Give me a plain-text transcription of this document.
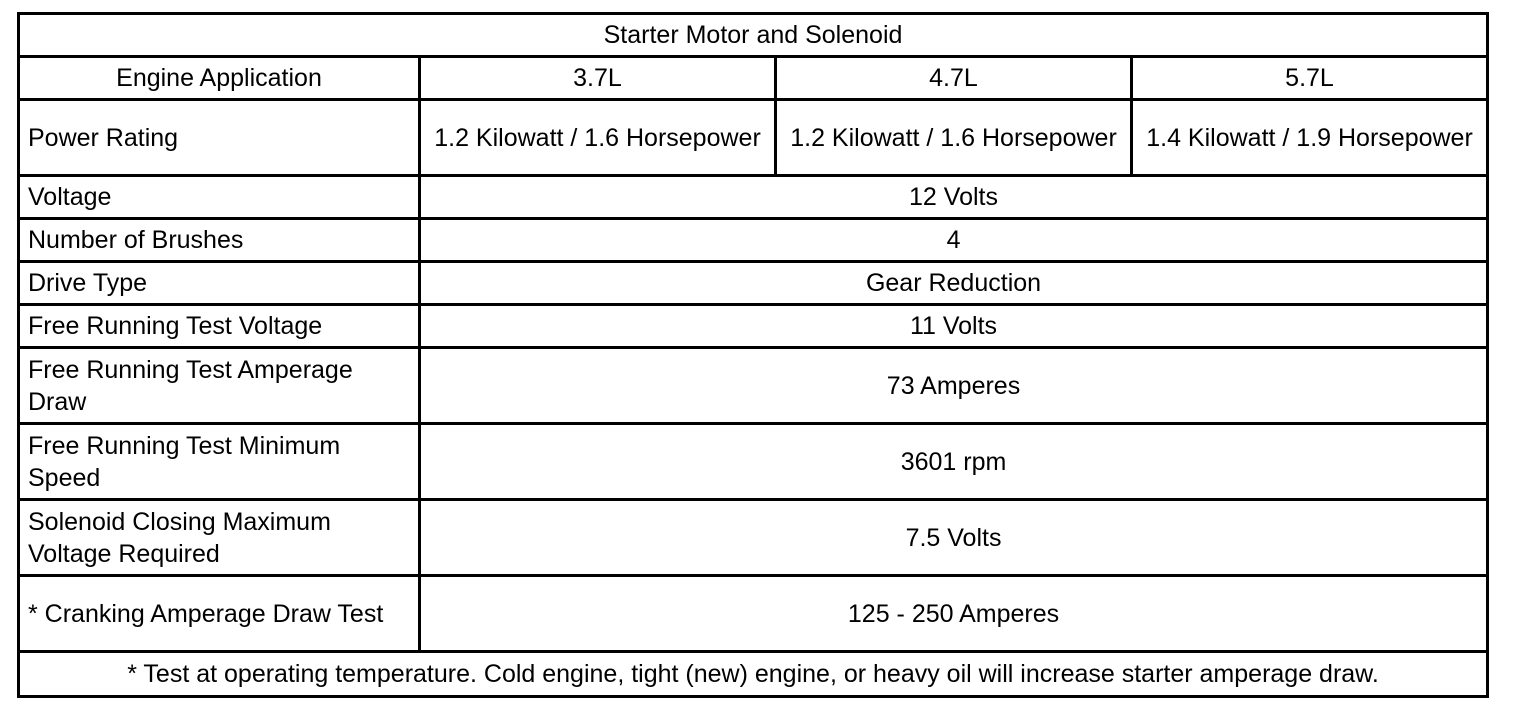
Starter Motor and Solenoid			
Engine Application	3.7L	4.7L	5.7L
Power Rating	1.2 Kilowatt / 1.6 Horsepower	1.2 Kilowatt / 1.6 Horsepower	1.4 Kilowatt / 1.9 Horsepower
Voltage	12 Volts		
Number of Brushes	4		
Drive Type	Gear Reduction		
Free Running Test Voltage	11 Volts		
Free Running Test Amperage Draw	73 Amperes		
Free Running Test Minimum Speed	3601 rpm		
Solenoid Closing Maximum Voltage Required	7.5 Volts		
* Cranking Amperage Draw Test	125 - 250 Amperes		
* Test at operating temperature. Cold engine, tight (new) engine, or heavy oil will increase starter amperage draw.			
